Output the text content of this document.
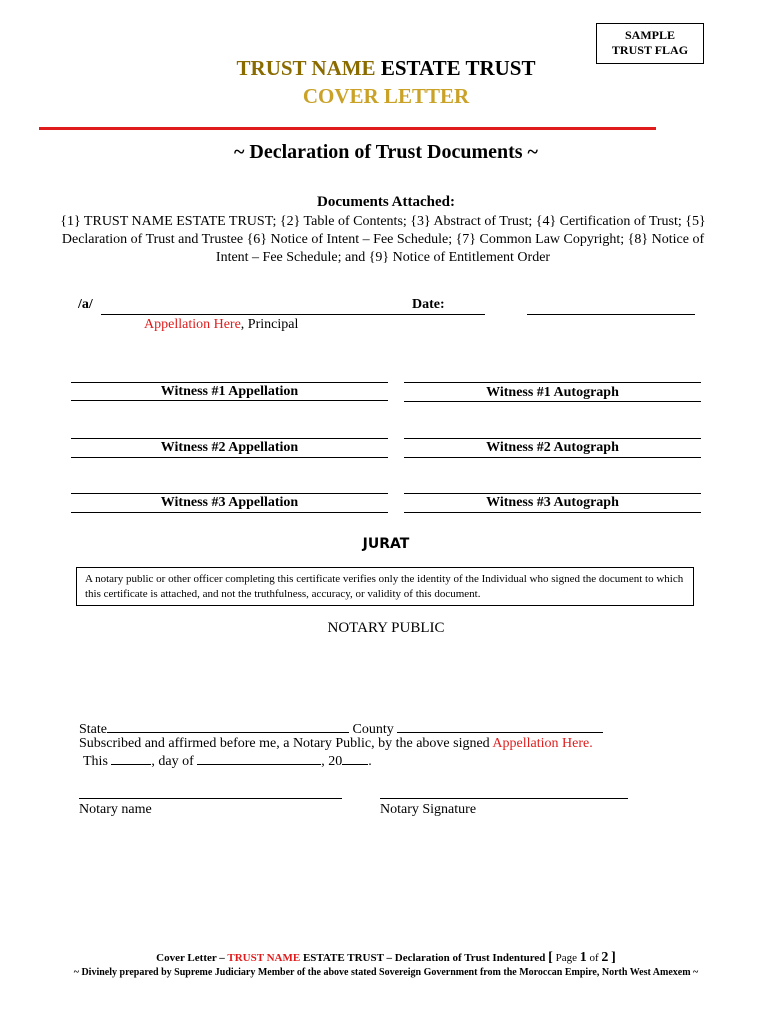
SAMPLE
TRUST FLAG
TRUST NAME ESTATE TRUST
COVER LETTER
~ Declaration of Trust Documents ~
Documents Attached:
{1} TRUST NAME ESTATE TRUST; {2} Table of Contents; {3} Abstract of Trust; {4} Certification of Trust; {5} Declaration of Trust and Trustee {6} Notice of Intent – Fee Schedule; {7} Common Law Copyright; {8} Notice of Intent – Fee Schedule; and {9} Notice of Entitlement Order
/a/	Date:
Appellation Here, Principal
Witness #1 Appellation	Witness #1 Autograph
Witness #2 Appellation	Witness #2 Autograph
Witness #3 Appellation	Witness #3 Autograph
JURAT
A notary public or other officer completing this certificate verifies only the identity of the Individual who signed the document to which this certificate is attached, and not the truthfulness, accuracy, or validity of this document.
NOTARY PUBLIC
State	County
Subscribed and affirmed before me, a Notary Public, by the above signed Appellation Here.
This	, day of	, 20 .
Notary name	Notary Signature
Cover Letter – TRUST NAME ESTATE TRUST – Declaration of Trust Indentured [ Page 1 of 2 ]
~ Divinely prepared by Supreme Judiciary Member of the above stated Sovereign Government from the Moroccan Empire, North West Amexem ~
